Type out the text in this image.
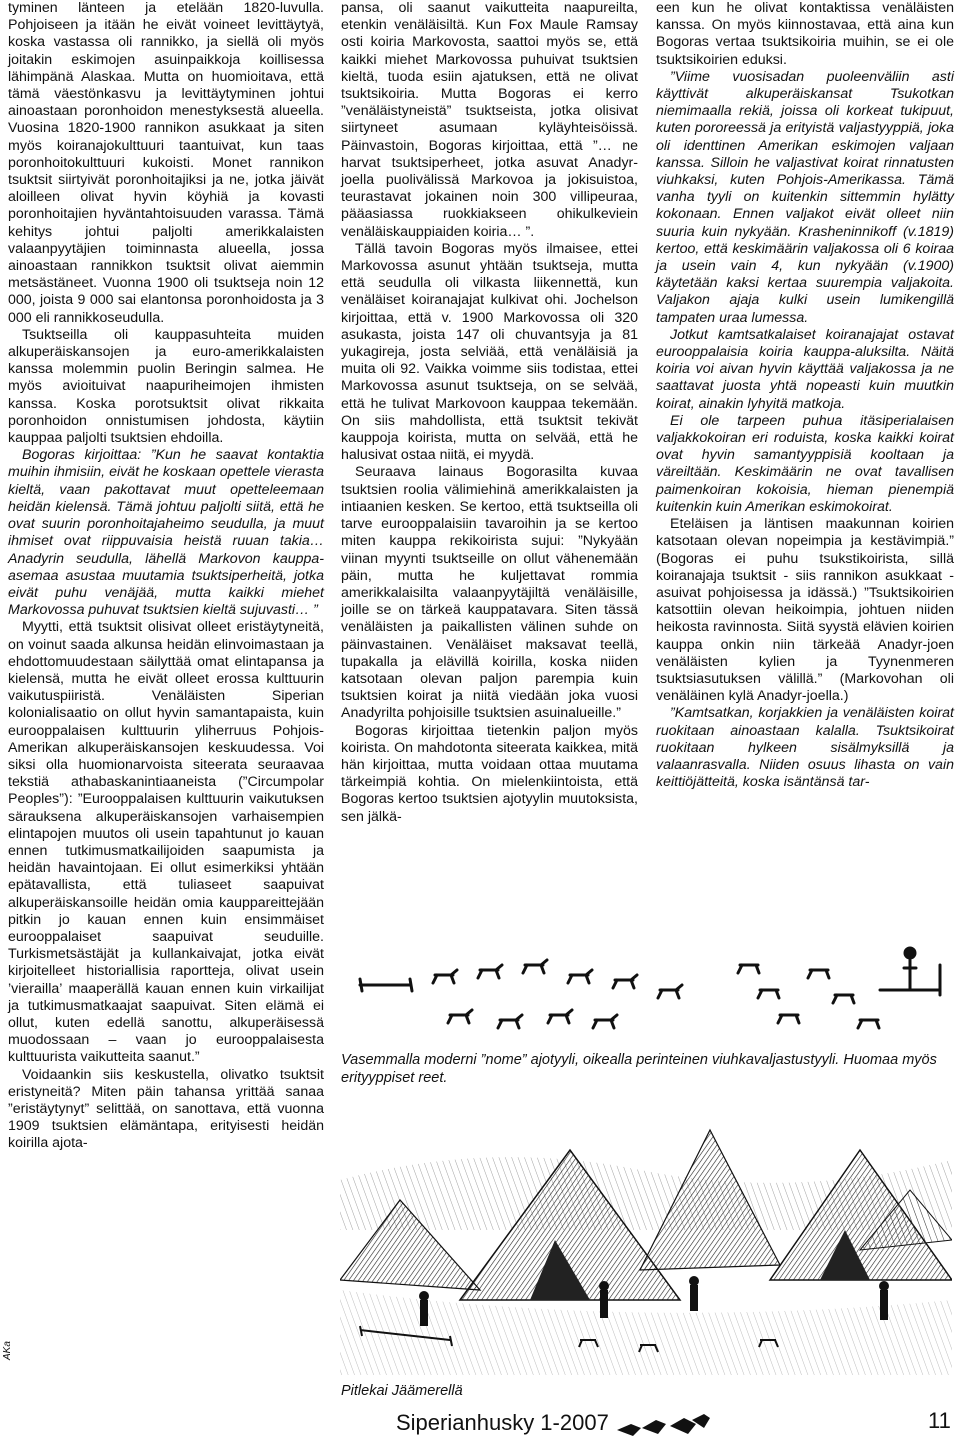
tyminen länteen ja etelään 1820-luvulla. Pohjoiseen ja itään he eivät voineet levittäytyä, koska vastassa oli rannikko, ja siellä oli myös joitakin eskimojen asuinpaikkoja koillisessa lähimpänä Alaskaa. Mutta on huomioitava, että tämä väestönkasvu ja levittäytyminen johtui ainoastaan poronhoidon menestyksestä alueella. Vuosina 1820-1900 rannikon asukkaat ja siten myös koiranajokulttuuri taantuivat, kun taas poronhoitokulttuuri kukoisti. Monet rannikon tsuktsit siirtyivät poronhoitajiksi ja ne, jotka jäivät aloilleen olivat hyvin köyhiä ja kovasti poronhoitajien hyväntahtoisuuden varassa. Tämä kehitys johtui paljolti amerikkalaisten valaanpyytäjien toiminnasta alueella, jossa ainoastaan rannikkon tsuktsit olivat aiemmin metsästäneet. Vuonna 1900 oli tsuktseja noin 12 000, joista 9 000 sai elantonsa poronhoidosta ja 3 000 eli rannikkoseudulla.

Tsuktseilla oli kauppasuhteita muiden alkuperäiskansojen ja euro-amerikkalaisten kanssa molemmin puolin Beringin salmea. He myös avioituivat naapuriheimojen ihmisten kanssa. Koska porotsuktsit olivat rikkaita poronhoidon onnistumisen johdosta, käytiin kauppaa paljolti tsuktsien ehdoilla.

Bogoras kirjoittaa: ”Kun he saavat kontaktia muihin ihmisiin, eivät he koskaan opettele vierasta kieltä, vaan pakottavat muut opetteleemaan heidän kielensä. Tämä johtuu paljolti siitä, että he ovat suurin poronhoitajaheimo seudulla, ja muut ihmiset ovat riippuvaisia heistä ruuan takia… Anadyrin seudulla, lähellä Markovon kauppa-asemaa asustaa muutamia tsuktsiperheitä, jotka eivät puhu venäjää, mutta kaikki miehet Markovossa puhuvat tsuktsien kieltä sujuvasti… ”

Myytti, että tsuktsit olisivat olleet eristäytyneitä, on voinut saada alkunsa heidän elinvoimastaan ja ehdottomuudestaan säilyttää omat elintapansa ja kielensä, mutta he eivät olleet erossa kulttuurin vaikutuspiiristä. Venäläisten Siperian kolonialisaatio on ollut hyvin samantapaista, kuin eurooppalaisen kulttuurin yliherruus Pohjois-Amerikan alkuperäiskansojen keskuudessa. Voi siksi olla huomionarvoista siteerata seuraavaa tekstiä athabaskanintiaaneista (”Circumpolar Peoples”): ”Eurooppalaisen kulttuurin vaikutuksen särauksena alkuperäiskansojen varhaisempien elintapojen muutos oli usein tapahtunut jo kauan ennen tutkimusmatkailijoiden saapumista ja heidän havaintojaan. Ei ollut esimerkiksi yhtään epätavallista, että tuliaseet saapuivat alkuperäiskansoille heidän omia kauppareittejään pitkin jo kauan ennen kuin ensimmäiset eurooppalaiset saapuivat seuduille. Turkismetsästäjät ja kullankaivajat, jotka eivät kirjoitelleet historiallisia raportteja, olivat usein ’vierailla’ maaperällä kauan ennen kuin virkailijat ja tutkimusmatkaajat saapuivat. Siten elämä ei ollut, kuten edellä sanottu, alkuperäisessä muodossaan – vaan jo eurooppalaisesta kulttuurista vaikutteita saanut.”

Voidaankin siis keskustella, olivatko tsuktsit eristyneitä? Miten päin tahansa yrittää sanaa ”eristäytynyt” selittää, on sanottava, että vuonna 1909 tsuktsien elämäntapa, erityisesti heidän koirilla ajota-

pansa, oli saanut vaikutteita naapureilta, etenkin venäläisiltä. Kun Fox Maule Ramsay osti koiria Markovosta, saattoi myös se, että kaikki miehet Markovossa puhuivat tsuktsien kieltä, tuoda esiin ajatuksen, että ne olivat tsuktsikoiria. Mutta Bogoras ei kerro ”venäläistyneistä” tsuktseista, jotka olisivat siirtyneet asumaan kyläyhteisöissä. Päinvastoin, Bogoras kirjoittaa, että ”… ne harvat tsuktsiperheet, jotka asuvat Anadyr-joella puolivälissä Markovoa ja jokisuistoa, teurastavat jokainen noin 300 villipeuraa, pääasiassa ruokkiakseen ohikulkeviein venäläiskauppiaiden koiria… ”.

Tällä tavoin Bogoras myös ilmaisee, ettei Markovossa asunut yhtään tsuktseja, mutta että seudulla oli vilkasta liikennettä, kun venäläiset koiranajajat kulkivat ohi. Jochelson kirjoittaa, että v. 1900 Markovossa oli 320 asukasta, joista 147 oli chuvantsyja ja 81 yukagireja, josta selviää, että venäläisiä ja muita oli 92. Vaikka voimme siis todistaa, ettei Markovossa asunut tsuktseja, on se selvää, että he tulivat Markovoon kauppaa tekemään. On siis mahdollista, että tsuktsit tekivät kauppoja koirista, mutta on selvää, että he halusivat ostaa niitä, ei myydä.

Seuraava lainaus Bogorasilta kuvaa tsuktsien roolia välimiehinä amerikkalaisten ja intiaanien kesken. Se kertoo, että tsuktseilla oli tarve eurooppalaisiin tavaroihin ja se kertoo miten kauppa rekikoirista sujui: ”Nykyään viinan myynti tsuktseille on ollut vähenemään päin, mutta he kuljettavat rommia amerikkalaisilta valaanpyytäjiltä venäläisille, joille se on tärkeä kauppatavara. Siten tässä venäläisten ja paikallisten välinen suhde on päinvastainen. Venäläiset maksavat teellä, tupakalla ja elävillä koirilla, koska niiden katsotaan olevan paljon parempia kuin tsuktsien koirat ja niitä viedään joka vuosi Anadyrilta pohjoisille tsuktsien asuinalueille.”

Bogoras kirjoittaa tietenkin paljon myös koirista. On mahdotonta siteerata kaikkea, mitä hän kirjoittaa, mutta voidaan ottaa muutama tärkeimpiä kohtia. On mielenkiintoista, että Bogoras kertoo tsuktsien ajotyylin muutoksista, sen jälkä-

een kun he olivat kontaktissa venäläisten kanssa. On myös kiinnostavaa, että aina kun Bogoras vertaa tsuktsikoiria muihin, se ei ole tsuktsikoirien eduksi.

”Viime vuosisadan puoleenväliin asti käyttivät alkuperäiskansat Tsukotkan niemimaalla rekiä, joissa oli korkeat tukipuut, kuten pororeessä ja erityistä valjastyyppiä, joka oli identtinen Amerikan eskimojen valjaan kanssa. Silloin he valjastivat koirat rinnatusten viuhkaksi, kuten Pohjois-Amerikassa. Tämä vanha tyyli on kuitenkin sittemmin hylätty kokonaan. Ennen valjakot eivät olleet niin suuria kuin nykyään. Krasheninnikoff (v.1819) kertoo, että keskimäärin valjakossa oli 6 koiraa ja usein vain 4, kun nykyään (v.1900) käytetään kaksi kertaa suurempia valjakoita. Valjakon ajaja kulki usein lumikengillä tampaten uraa lumessa.

Jotkut kamtsatkalaiset koiranajajat ostavat eurooppalaisia koiria kauppa-aluksilta. Näitä koiria voi aivan hyvin käyttää valjakossa ja ne saattavat juosta yhtä nopeasti kuin muutkin koirat, ainakin lyhyitä matkoja.

Ei ole tarpeen puhua itäsiperialaisen valjakkokoiran eri roduista, koska kaikki koirat ovat hyvin samantyyppisiä kooltaan ja väreiltään. Keskimäärin ne ovat tavallisen paimenkoiran kokoisia, hieman pienempiä kuitenkin kuin Amerikan eskimokoirat.

Eteläisen ja läntisen maakunnan koirien katsotaan olevan nopeimpia ja kestävimpiä.” (Bogoras ei puhu tsukstikoirista, sillä koiranajaja tsuktsit - siis rannikon asukkaat - asuivat pohjoisessa ja idässä.) ”Tsuktsikoirien katsottiin olevan heikoimpia, johtuen niiden heikosta ravinnosta. Siitä syystä elävien koirien kauppa onkin niin tärkeää Anadyr-joen venäläisten kylien ja Tyynenmeren tsuktsiasutuksen välillä.” (Markovohan oli venäläinen kylä Anadyr-joella.)

”Kamtsatkan, korjakkien ja venäläisten koirat ruokitaan ainoastaan kalalla. Tsuktsikoirat ruokitaan hylkeen sisälmyksillä ja valaanrasvalla. Niiden osuus lihasta on vain keittiöjätteitä, koska isäntänsä tar-

Vasemmalla moderni ”nome” ajotyyli, oikealla perinteinen viuhkavaljastustyyli. Huomaa myös erityyppiset reet.
Pitlekai Jäämerellä
AKa
Siperianhusky 1-2007	11
